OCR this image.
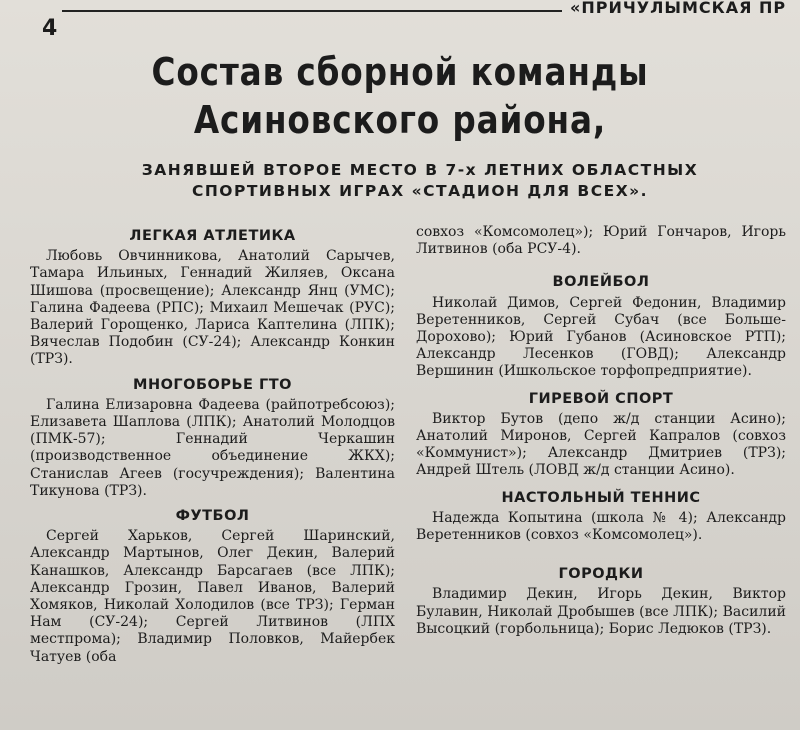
4
«ПРИЧУЛЫМСКАЯ ПР
Состав сборной команды
Асиновского района,
ЗАНЯВШЕЙ ВТОРОЕ МЕСТО В 7-х ЛЕТНИХ ОБЛАСТНЫХ
СПОРТИВНЫХ ИГРАХ «СТАДИОН ДЛЯ ВСЕХ».
ЛЕГКАЯ АТЛЕТИКА

Любовь Овчинникова, Анатолий Сарычев, Тамара Ильиных, Геннадий Жиляев, Оксана Шишова (просвещение); Александр Янц (УМС); Галина Фадеева (РПС); Михаил Мешечак (РУС); Валерий Горощенко, Лариса Каптелина (ЛПК); Вячеслав Подобин (СУ-24); Александр Конкин (ТРЗ).

МНОГОБОРЬЕ ГТО

Галина Елизаровна Фадеева (райпотребсоюз); Елизавета Шаплова (ЛПК); Анатолий Молодцов (ПМК-57); Геннадий Черкашин (производственное объединение ЖКХ); Станислав Агеев (госучреждения); Валентина Тикунова (ТРЗ).

ФУТБОЛ

Сергей Харьков, Сергей Шаринский, Александр Мартынов, Олег Декин, Валерий Канашков, Александр Барсагаев (все ЛПК); Александр Грозин, Павел Иванов, Валерий Хомяков, Николай Холодилов (все ТРЗ); Герман Нам (СУ-24); Сергей Литвинов (ЛПХ местпрома); Владимир Половков, Майербек Чатуев (оба

совхоз «Комсомолец»); Юрий Гончаров, Игорь Литвинов (оба РСУ-4).

ВОЛЕЙБОЛ

Николай Димов, Сергей Федонин, Владимир Веретенников, Сергей Субач (все Больше-Дорохово); Юрий Губанов (Асиновское РТП); Александр Лесенков (ГОВД); Александр Вершинин (Ишкольское торфопредприятие).

ГИРЕВОЙ СПОРТ

Виктор Бутов (депо ж/д станции Асино); Анатолий Миронов, Сергей Капралов (совхоз «Коммунист»); Александр Дмитриев (ТРЗ); Андрей Штель (ЛОВД ж/д станции Асино).

НАСТОЛЬНЫЙ ТЕННИС

Надежда Копытина (школа № 4); Александр Веретенников (совхоз «Комсомолец»).

ГОРОДКИ

Владимир Декин, Игорь Декин, Виктор Булавин, Николай Дробышев (все ЛПК); Василий Высоцкий (горбольница); Борис Ледюков (ТРЗ).
